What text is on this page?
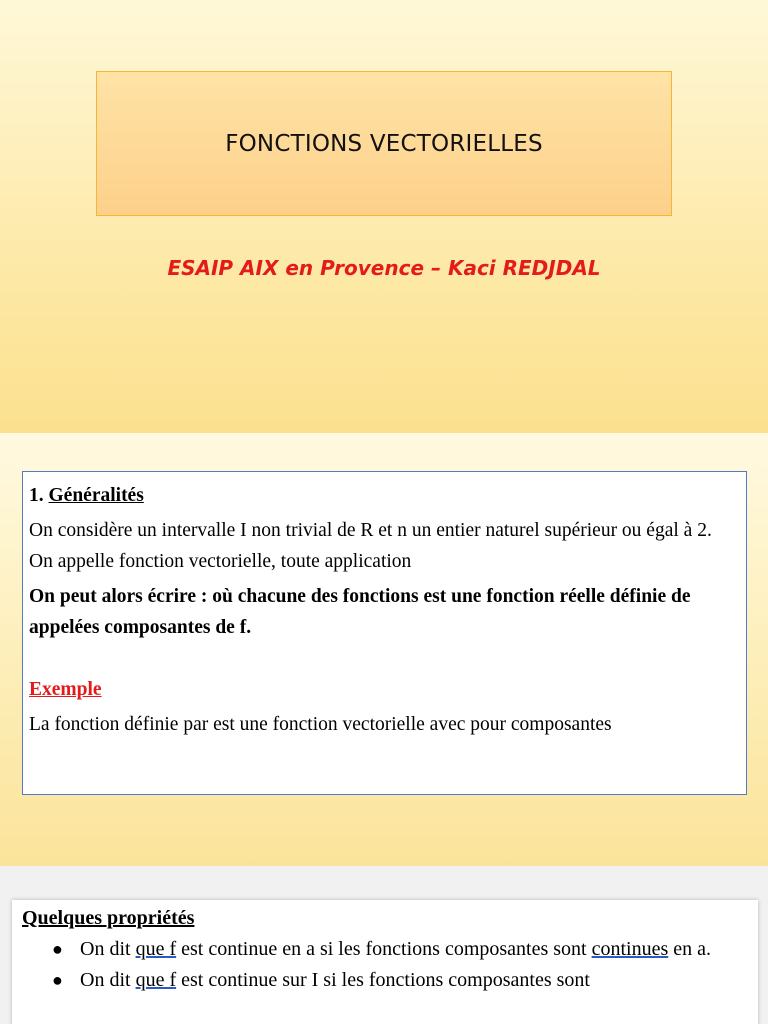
FONCTIONS VECTORIELLES
ESAIP AIX en Provence – Kaci REDJDAL

1. Généralités

On considère un intervalle I non trivial de R et n un entier naturel supérieur ou égal à 2. On appelle fonction vectorielle, toute application

On peut alors écrire : où chacune des fonctions est une fonction réelle définie de appelées composantes de f.

Exemple

La fonction définie par est une fonction vectorielle avec pour composantes

Quelques propriétés
● On dit que f est continue en a si les fonctions composantes sont continues en a.
● On dit que f est continue sur I si les fonctions composantes sont
